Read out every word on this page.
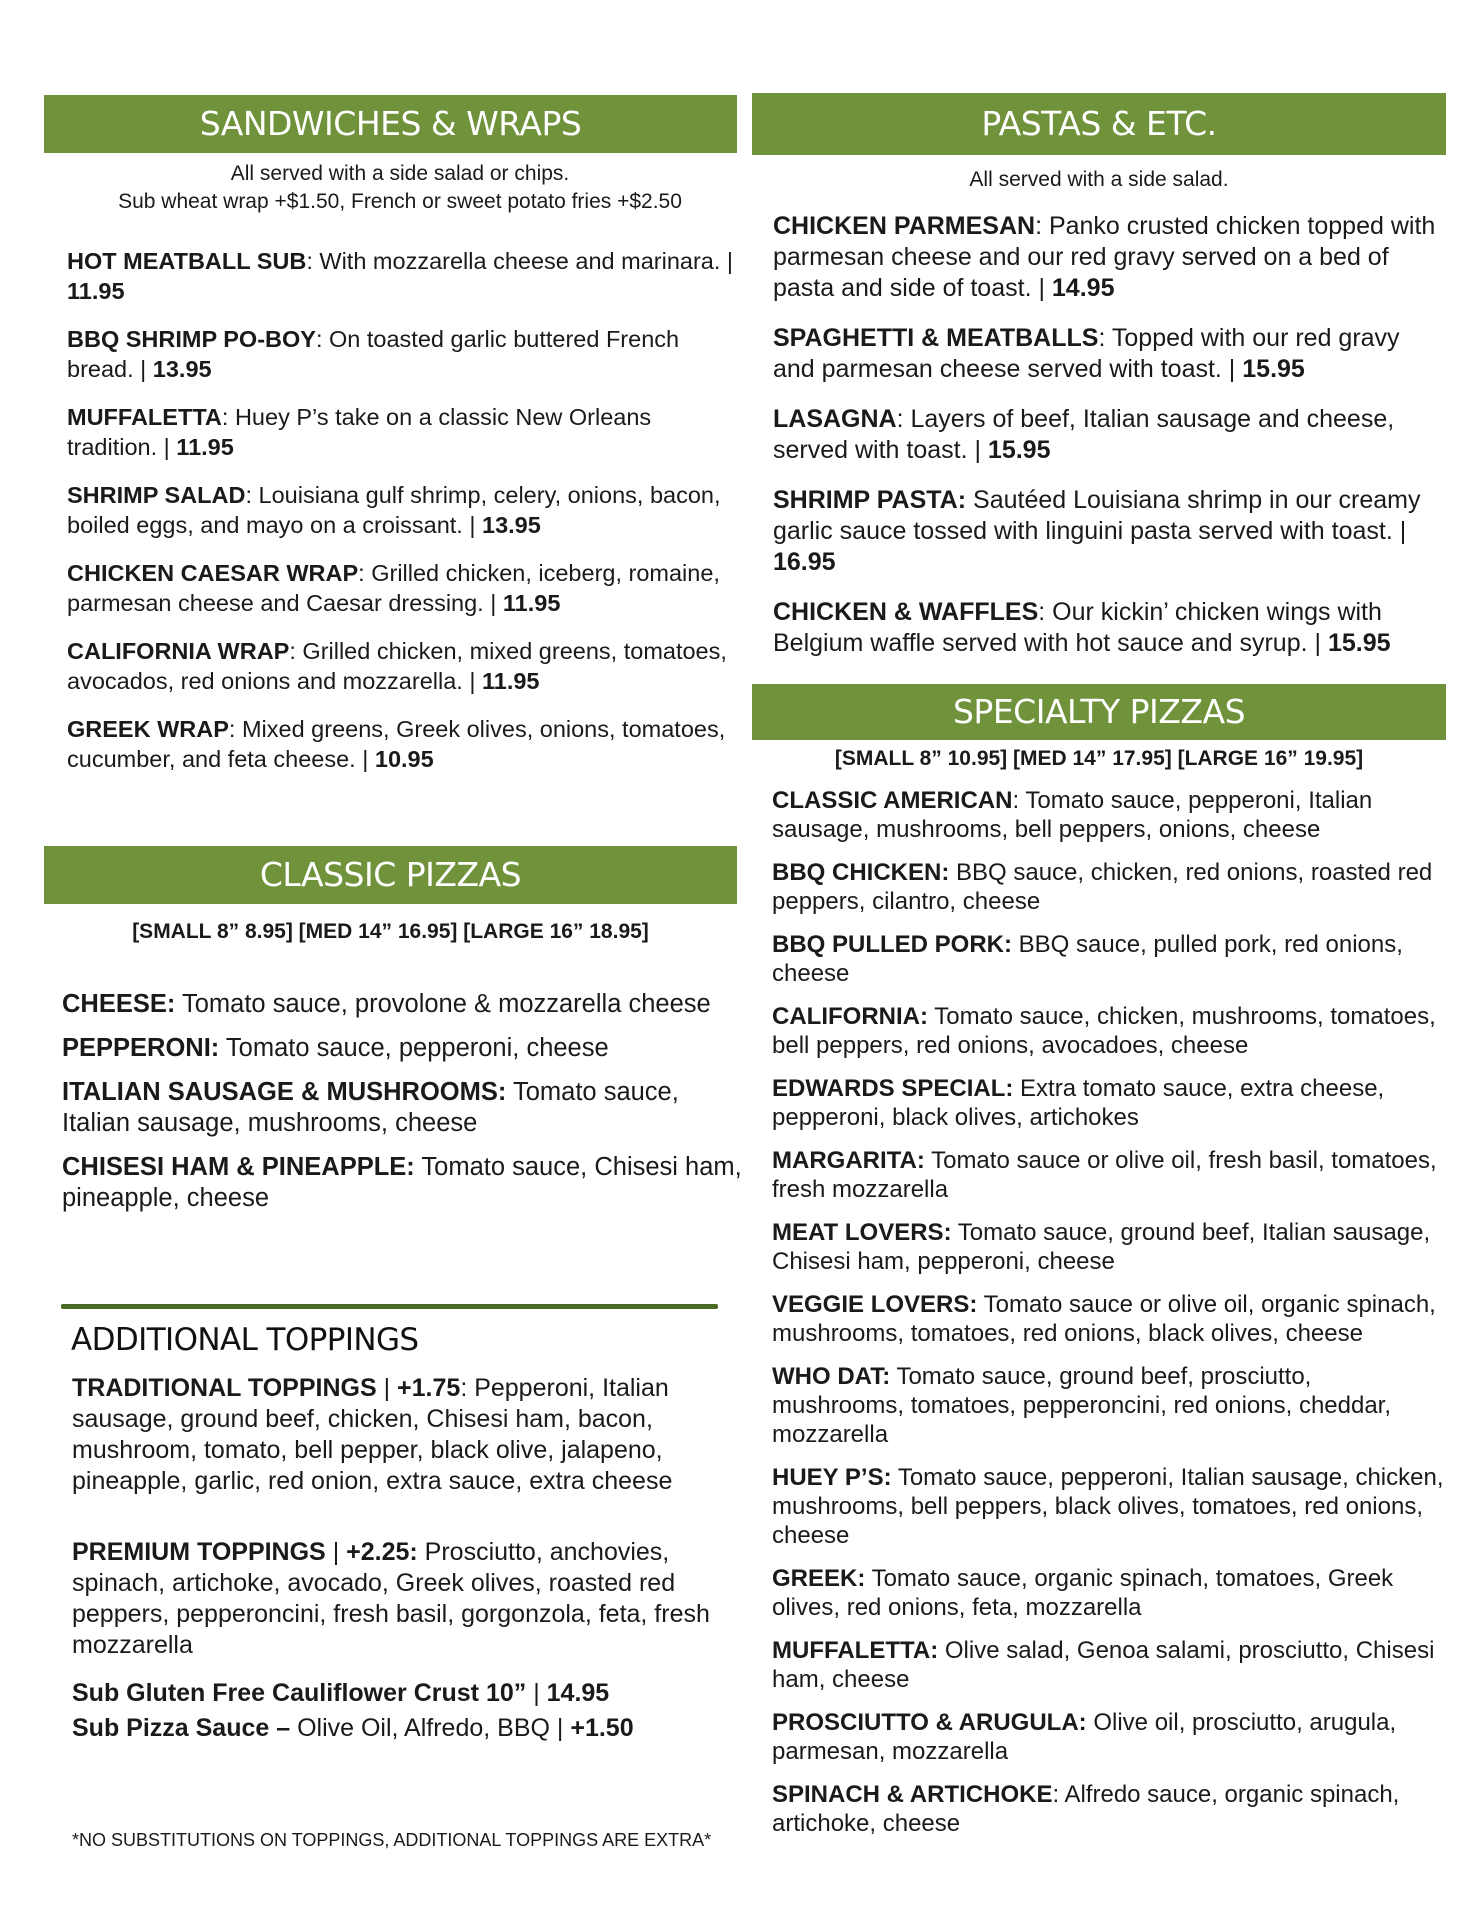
SANDWICHES & WRAPS
All served with a side salad or chips.
Sub wheat wrap +$1.50, French or sweet potato fries +$2.50

HOT MEATBALL SUB: With mozzarella cheese and marinara. | 11.95

BBQ SHRIMP PO-BOY: On toasted garlic buttered French bread. | 13.95

MUFFALETTA: Huey P’s take on a classic New Orleans tradition. | 11.95

SHRIMP SALAD: Louisiana gulf shrimp, celery, onions, bacon, boiled eggs, and mayo on a croissant. | 13.95

CHICKEN CAESAR WRAP: Grilled chicken, iceberg, romaine, parmesan cheese and Caesar dressing. | 11.95

CALIFORNIA WRAP: Grilled chicken, mixed greens, tomatoes, avocados, red onions and mozzarella. | 11.95

GREEK WRAP: Mixed greens, Greek olives, onions, tomatoes, cucumber, and feta cheese. | 10.95

CLASSIC PIZZAS
[SMALL 8” 8.95] [MED 14” 16.95] [LARGE 16” 18.95]

CHEESE: Tomato sauce, provolone & mozzarella cheese

PEPPERONI: Tomato sauce, pepperoni, cheese

ITALIAN SAUSAGE & MUSHROOMS: Tomato sauce, Italian sausage, mushrooms, cheese

CHISESI HAM & PINEAPPLE: Tomato sauce, Chisesi ham, pineapple, cheese

ADDITIONAL TOPPINGS
TRADITIONAL TOPPINGS | +1.75: Pepperoni, Italian sausage, ground beef, chicken, Chisesi ham, bacon, mushroom, tomato, bell pepper, black olive, jalapeno, pineapple, garlic, red onion, extra sauce, extra cheese
PREMIUM TOPPINGS | +2.25: Prosciutto, anchovies, spinach, artichoke, avocado, Greek olives, roasted red peppers, pepperoncini, fresh basil, gorgonzola, feta, fresh mozzarella
Sub Gluten Free Cauliflower Crust 10” | 14.95
Sub Pizza Sauce – Olive Oil, Alfredo, BBQ | +1.50
*NO SUBSTITUTIONS ON TOPPINGS, ADDITIONAL TOPPINGS ARE EXTRA*
PASTAS & ETC.
All served with a side salad.

CHICKEN PARMESAN: Panko crusted chicken topped with parmesan cheese and our red gravy served on a bed of pasta and side of toast. | 14.95

SPAGHETTI & MEATBALLS: Topped with our red gravy and parmesan cheese served with toast. | 15.95

LASAGNA: Layers of beef, Italian sausage and cheese, served with toast. | 15.95

SHRIMP PASTA: Sautéed Louisiana shrimp in our creamy garlic sauce tossed with linguini pasta served with toast. | 16.95

CHICKEN & WAFFLES: Our kickin’ chicken wings with Belgium waffle served with hot sauce and syrup. | 15.95

SPECIALTY PIZZAS
[SMALL 8” 10.95] [MED 14” 17.95] [LARGE 16” 19.95]

CLASSIC AMERICAN: Tomato sauce, pepperoni, Italian sausage, mushrooms, bell peppers, onions, cheese

BBQ CHICKEN: BBQ sauce, chicken, red onions, roasted red peppers, cilantro, cheese

BBQ PULLED PORK: BBQ sauce, pulled pork, red onions, cheese

CALIFORNIA: Tomato sauce, chicken, mushrooms, tomatoes, bell peppers, red onions, avocadoes, cheese

EDWARDS SPECIAL: Extra tomato sauce, extra cheese, pepperoni, black olives, artichokes

MARGARITA: Tomato sauce or olive oil, fresh basil, tomatoes, fresh mozzarella

MEAT LOVERS: Tomato sauce, ground beef, Italian sausage, Chisesi ham, pepperoni, cheese

VEGGIE LOVERS: Tomato sauce or olive oil, organic spinach, mushrooms, tomatoes, red onions, black olives, cheese

WHO DAT: Tomato sauce, ground beef, prosciutto, mushrooms, tomatoes, pepperoncini, red onions, cheddar, mozzarella

HUEY P’S: Tomato sauce, pepperoni, Italian sausage, chicken, mushrooms, bell peppers, black olives, tomatoes, red onions, cheese

GREEK: Tomato sauce, organic spinach, tomatoes, Greek olives, red onions, feta, mozzarella

MUFFALETTA: Olive salad, Genoa salami, prosciutto, Chisesi ham, cheese

PROSCIUTTO & ARUGULA: Olive oil, prosciutto, arugula, parmesan, mozzarella

SPINACH & ARTICHOKE: Alfredo sauce, organic spinach, artichoke, cheese
